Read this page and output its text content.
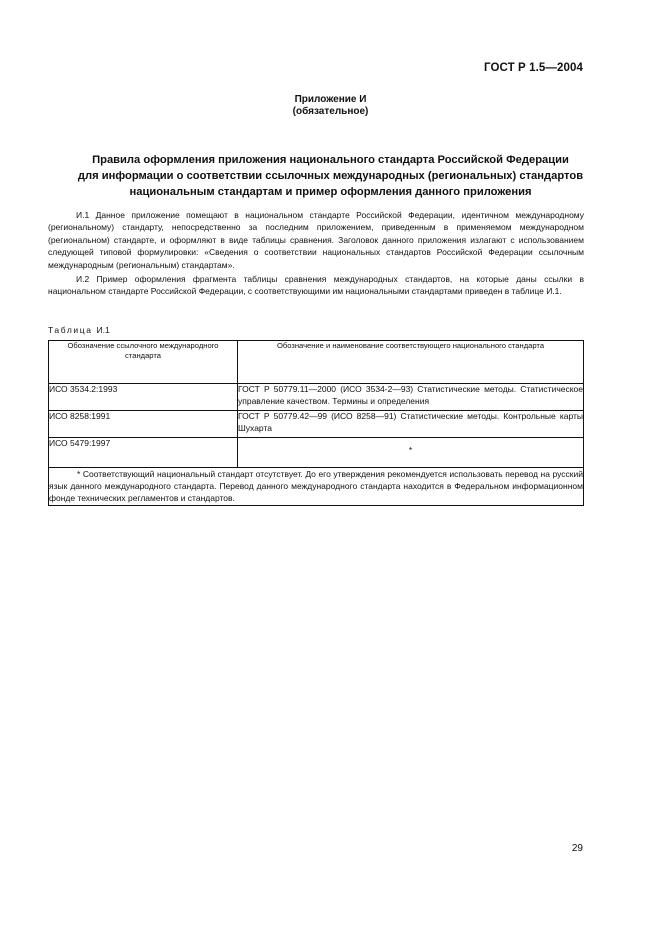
ГОСТ Р 1.5—2004
Приложение И
(обязательное)
Правила оформления приложения национального стандарта Российской Федерации
для информации о соответствии ссылочных международных (региональных) стандартов
национальным стандартам и пример оформления данного приложения

И.1 Данное приложение помещают в национальном стандарте Российской Федерации, идентичном международному (региональному) стандарту, непосредственно за последним приложением, приведенным в применяемом международном (региональном) стандарте, и оформляют в виде таблицы сравнения. Заголовок данного приложения излагают с использованием следующей типовой формулировки: «Сведения о соответствии национальных стандартов Российской Федерации ссылочным международным (региональным) стандартам».

И.2 Пример оформления фрагмента таблицы сравнения международных стандартов, на которые даны ссылки в национальном стандарте Российской Федерации, с соответствующими им национальными стандартами приведен в таблице И.1.

Таблица И.1
Обозначение ссылочного международного стандарта	Обозначение и наименование соответствующего национального стандарта
ИСО 3534.2:1993	ГОСТ Р 50779.11—2000 (ИСО 3534-2—93) Статистические методы. Статистическое управление качеством. Термины и определения
ИСО 8258:1991	ГОСТ Р 50779.42—99 (ИСО 8258—91) Статистические методы. Контрольные карты Шухарта
ИСО 5479:1997	*
* Соответствующий национальный стандарт отсутствует. До его утверждения рекомендуется использовать перевод на русский язык данного международного стандарта. Перевод данного международного стандарта находится в Федеральном информационном фонде технических регламентов и стандартов.	
29
